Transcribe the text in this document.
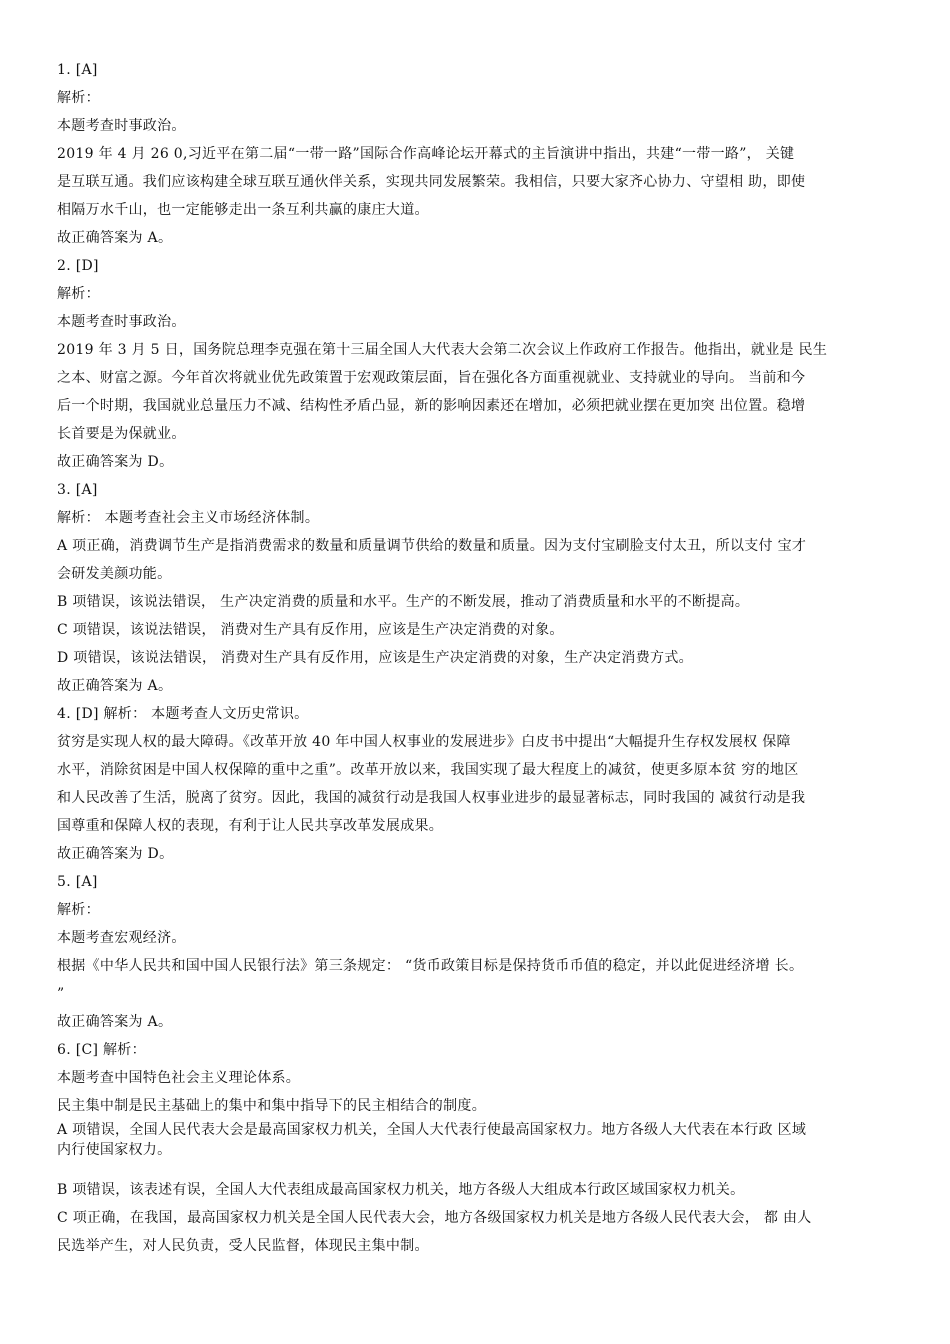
1. [A]
解析：
本题考查时事政治。
2019 年 4 月 26 0,习近平在第二届“一带一路”国际合作高峰论坛开幕式的主旨演讲中指出，共建“一带一路”， 关键
是互联互通。我们应该构建全球互联互通伙伴关系，实现共同发展繁荣。我相信，只要大家齐心协力、守望相 助，即使
相隔万水千山，也一定能够走出一条互利共赢的康庄大道。
故正确答案为 A。
2. [D]
解析：
本题考查时事政治。
2019 年 3 月 5 日，国务院总理李克强在第十三届全国人大代表大会第二次会议上作政府工作报告。他指出，就业是 民生
之本、财富之源。今年首次将就业优先政策置于宏观政策层面，旨在强化各方面重视就业、支持就业的导向。 当前和今
后一个时期，我国就业总量压力不减、结构性矛盾凸显，新的影响因素还在增加，必须把就业摆在更加突 出位置。稳增
长首要是为保就业。
故正确答案为 D。
3. [A]
解析： 本题考查社会主义市场经济体制。
A 项正确，消费调节生产是指消费需求的数量和质量调节供给的数量和质量。因为支付宝刷脸支付太丑，所以支付 宝才
会研发美颜功能。
B 项错误，该说法错误， 生产决定消费的质量和水平。生产的不断发展，推动了消费质量和水平的不断提高。
C 项错误，该说法错误， 消费对生产具有反作用，应该是生产决定消费的对象。
D 项错误，该说法错误， 消费对生产具有反作用，应该是生产决定消费的对象，生产决定消费方式。
故正确答案为 A。
4. [D] 解析： 本题考查人文历史常识。
贫穷是实现人权的最大障碍。《改革开放 40 年中国人权事业的发展进步》白皮书中提出“大幅提升生存权发展权 保障
水平，消除贫困是中国人权保障的重中之重”。改革开放以来，我国实现了最大程度上的减贫，使更多原本贫 穷的地区
和人民改善了生活，脱离了贫穷。因此，我国的减贫行动是我国人权事业进步的最显著标志，同时我国的 减贫行动是我
国尊重和保障人权的表现，有利于让人民共享改革发展成果。
故正确答案为 D。
5. [A]
解析：
本题考查宏观经济。
根据《中华人民共和国中国人民银行法》第三条规定： “货币政策目标是保持货币币值的稳定，并以此促进经济增 长。
”
故正确答案为 A。
6. [C] 解析：
本题考查中国特色社会主义理论体系。
民主集中制是民主基础上的集中和集中指导下的民主相结合的制度。
A 项错误，全国人民代表大会是最高国家权力机关，全国人大代表行使最高国家权力。地方各级人大代表在本行政 区域
内行使国家权力。
B 项错误，该表述有误，全国人大代表组成最高国家权力机关，地方各级人大组成本行政区域国家权力机关。
C 项正确，在我国，最高国家权力机关是全国人民代表大会，地方各级国家权力机关是地方各级人民代表大会， 都 由人
民选举产生，对人民负责，受人民监督，体现民主集中制。
